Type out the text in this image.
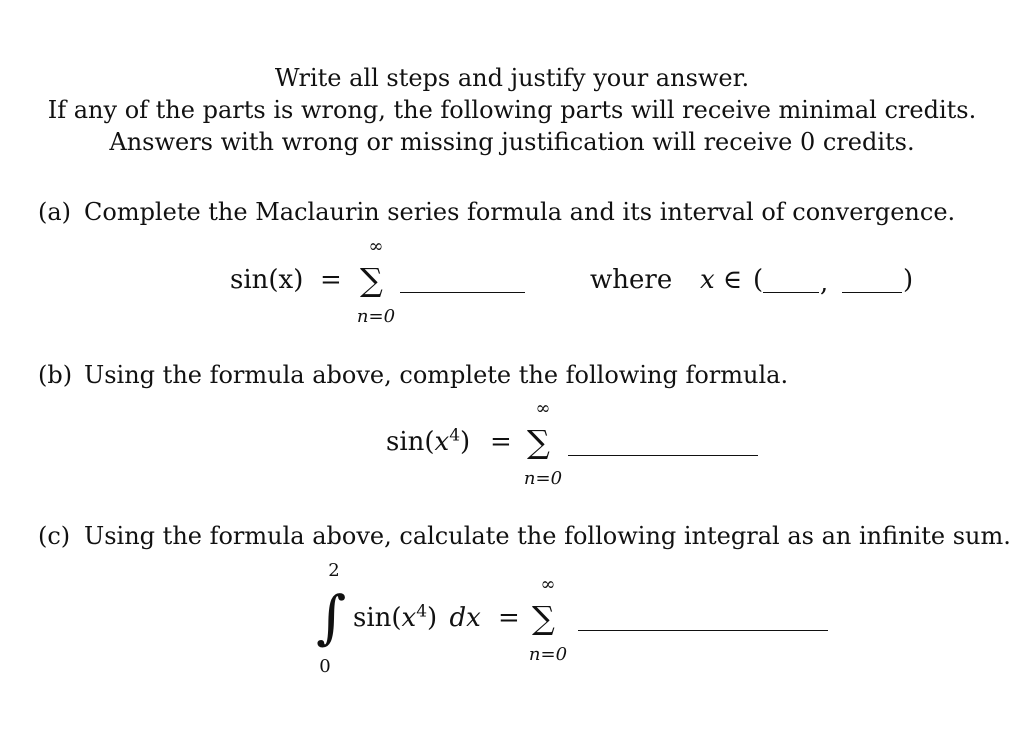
Write all steps and justify your answer.
If any of the parts is wrong, the following parts will receive minimal credits.
Answers with wrong or missing justification will receive 0 credits.
(a) Complete the Maclaurin series formula and its interval of convergence.
sin(x) =
∞
∑
n=0
where x ∈ ( ,	)
(b) Using the formula above, complete the following formula.
$\sin(x^4)$ =
∞
∑
n=0
(c) Using the formula above, calculate the following integral as an infinite sum.
2
∫
0
$\sin(x^4)$ dx =
∞
∑
n=0
